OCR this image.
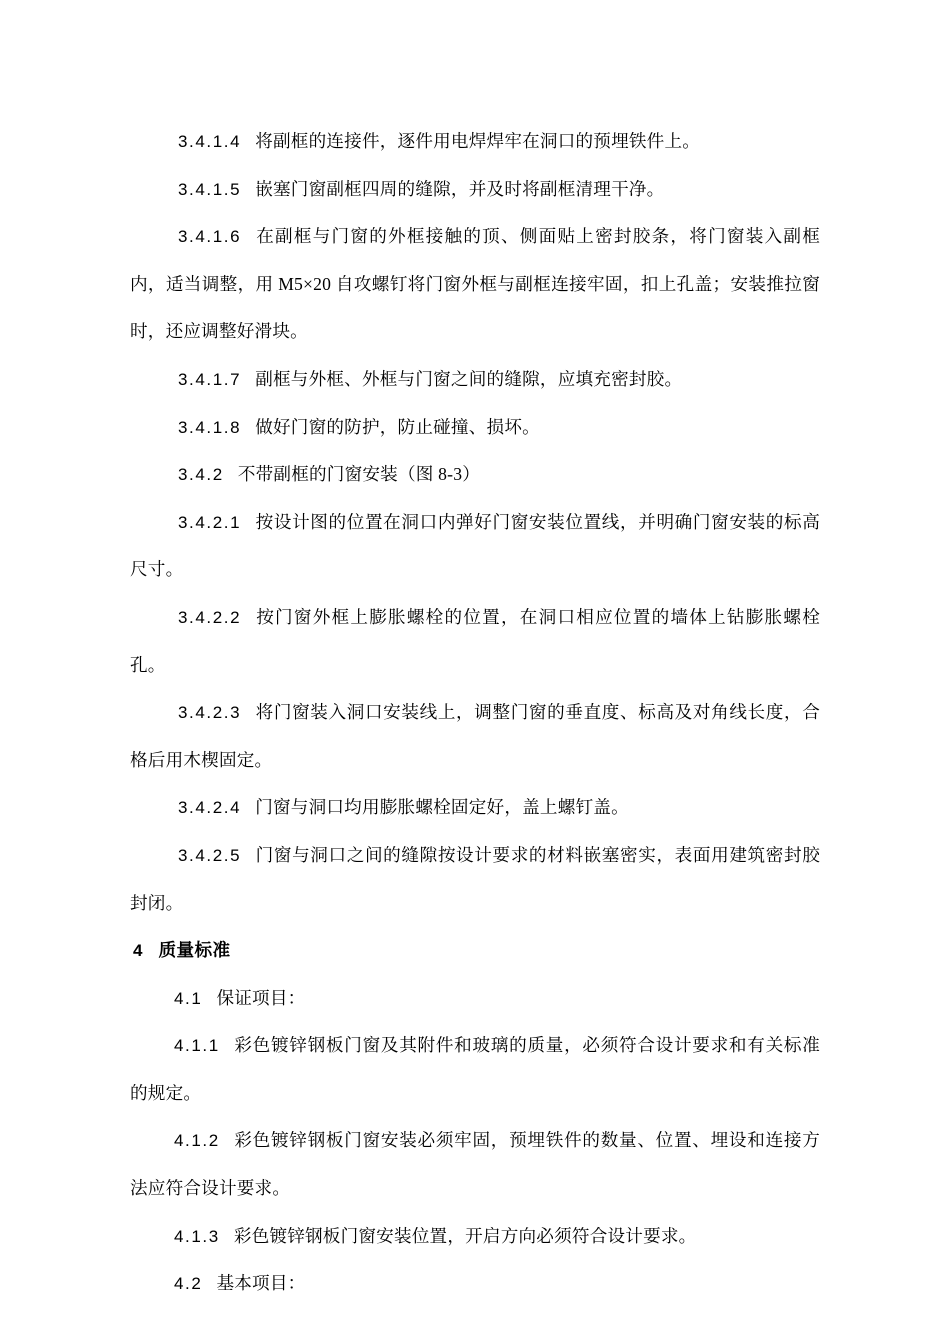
3.4.1.4 将副框的连接件，逐件用电焊焊牢在洞口的预埋铁件上。

3.4.1.5 嵌塞门窗副框四周的缝隙，并及时将副框清理干净。

3.4.1.6 在副框与门窗的外框接触的顶、侧面贴上密封胶条，将门窗装入副框内，适当调整，用 M5×20 自攻螺钉将门窗外框与副框连接牢固，扣上孔盖；安装推拉窗时，还应调整好滑块。

3.4.1.7 副框与外框、外框与门窗之间的缝隙，应填充密封胶。

3.4.1.8 做好门窗的防护，防止碰撞、损坏。

3.4.2 不带副框的门窗安装（图 8-3）

3.4.2.1 按设计图的位置在洞口内弹好门窗安装位置线，并明确门窗安装的标高尺寸。

3.4.2.2 按门窗外框上膨胀螺栓的位置，在洞口相应位置的墙体上钻膨胀螺栓孔。

3.4.2.3 将门窗装入洞口安装线上，调整门窗的垂直度、标高及对角线长度，合格后用木楔固定。

3.4.2.4 门窗与洞口均用膨胀螺栓固定好，盖上螺钉盖。

3.4.2.5 门窗与洞口之间的缝隙按设计要求的材料嵌塞密实，表面用建筑密封胶封闭。

4 质量标准

4.1 保证项目：

4.1.1 彩色镀锌钢板门窗及其附件和玻璃的质量，必须符合设计要求和有关标准的规定。

4.1.2 彩色镀锌钢板门窗安装必须牢固，预埋铁件的数量、位置、埋设和连接方法应符合设计要求。

4.1.3 彩色镀锌钢板门窗安装位置，开启方向必须符合设计要求。

4.2 基本项目：
